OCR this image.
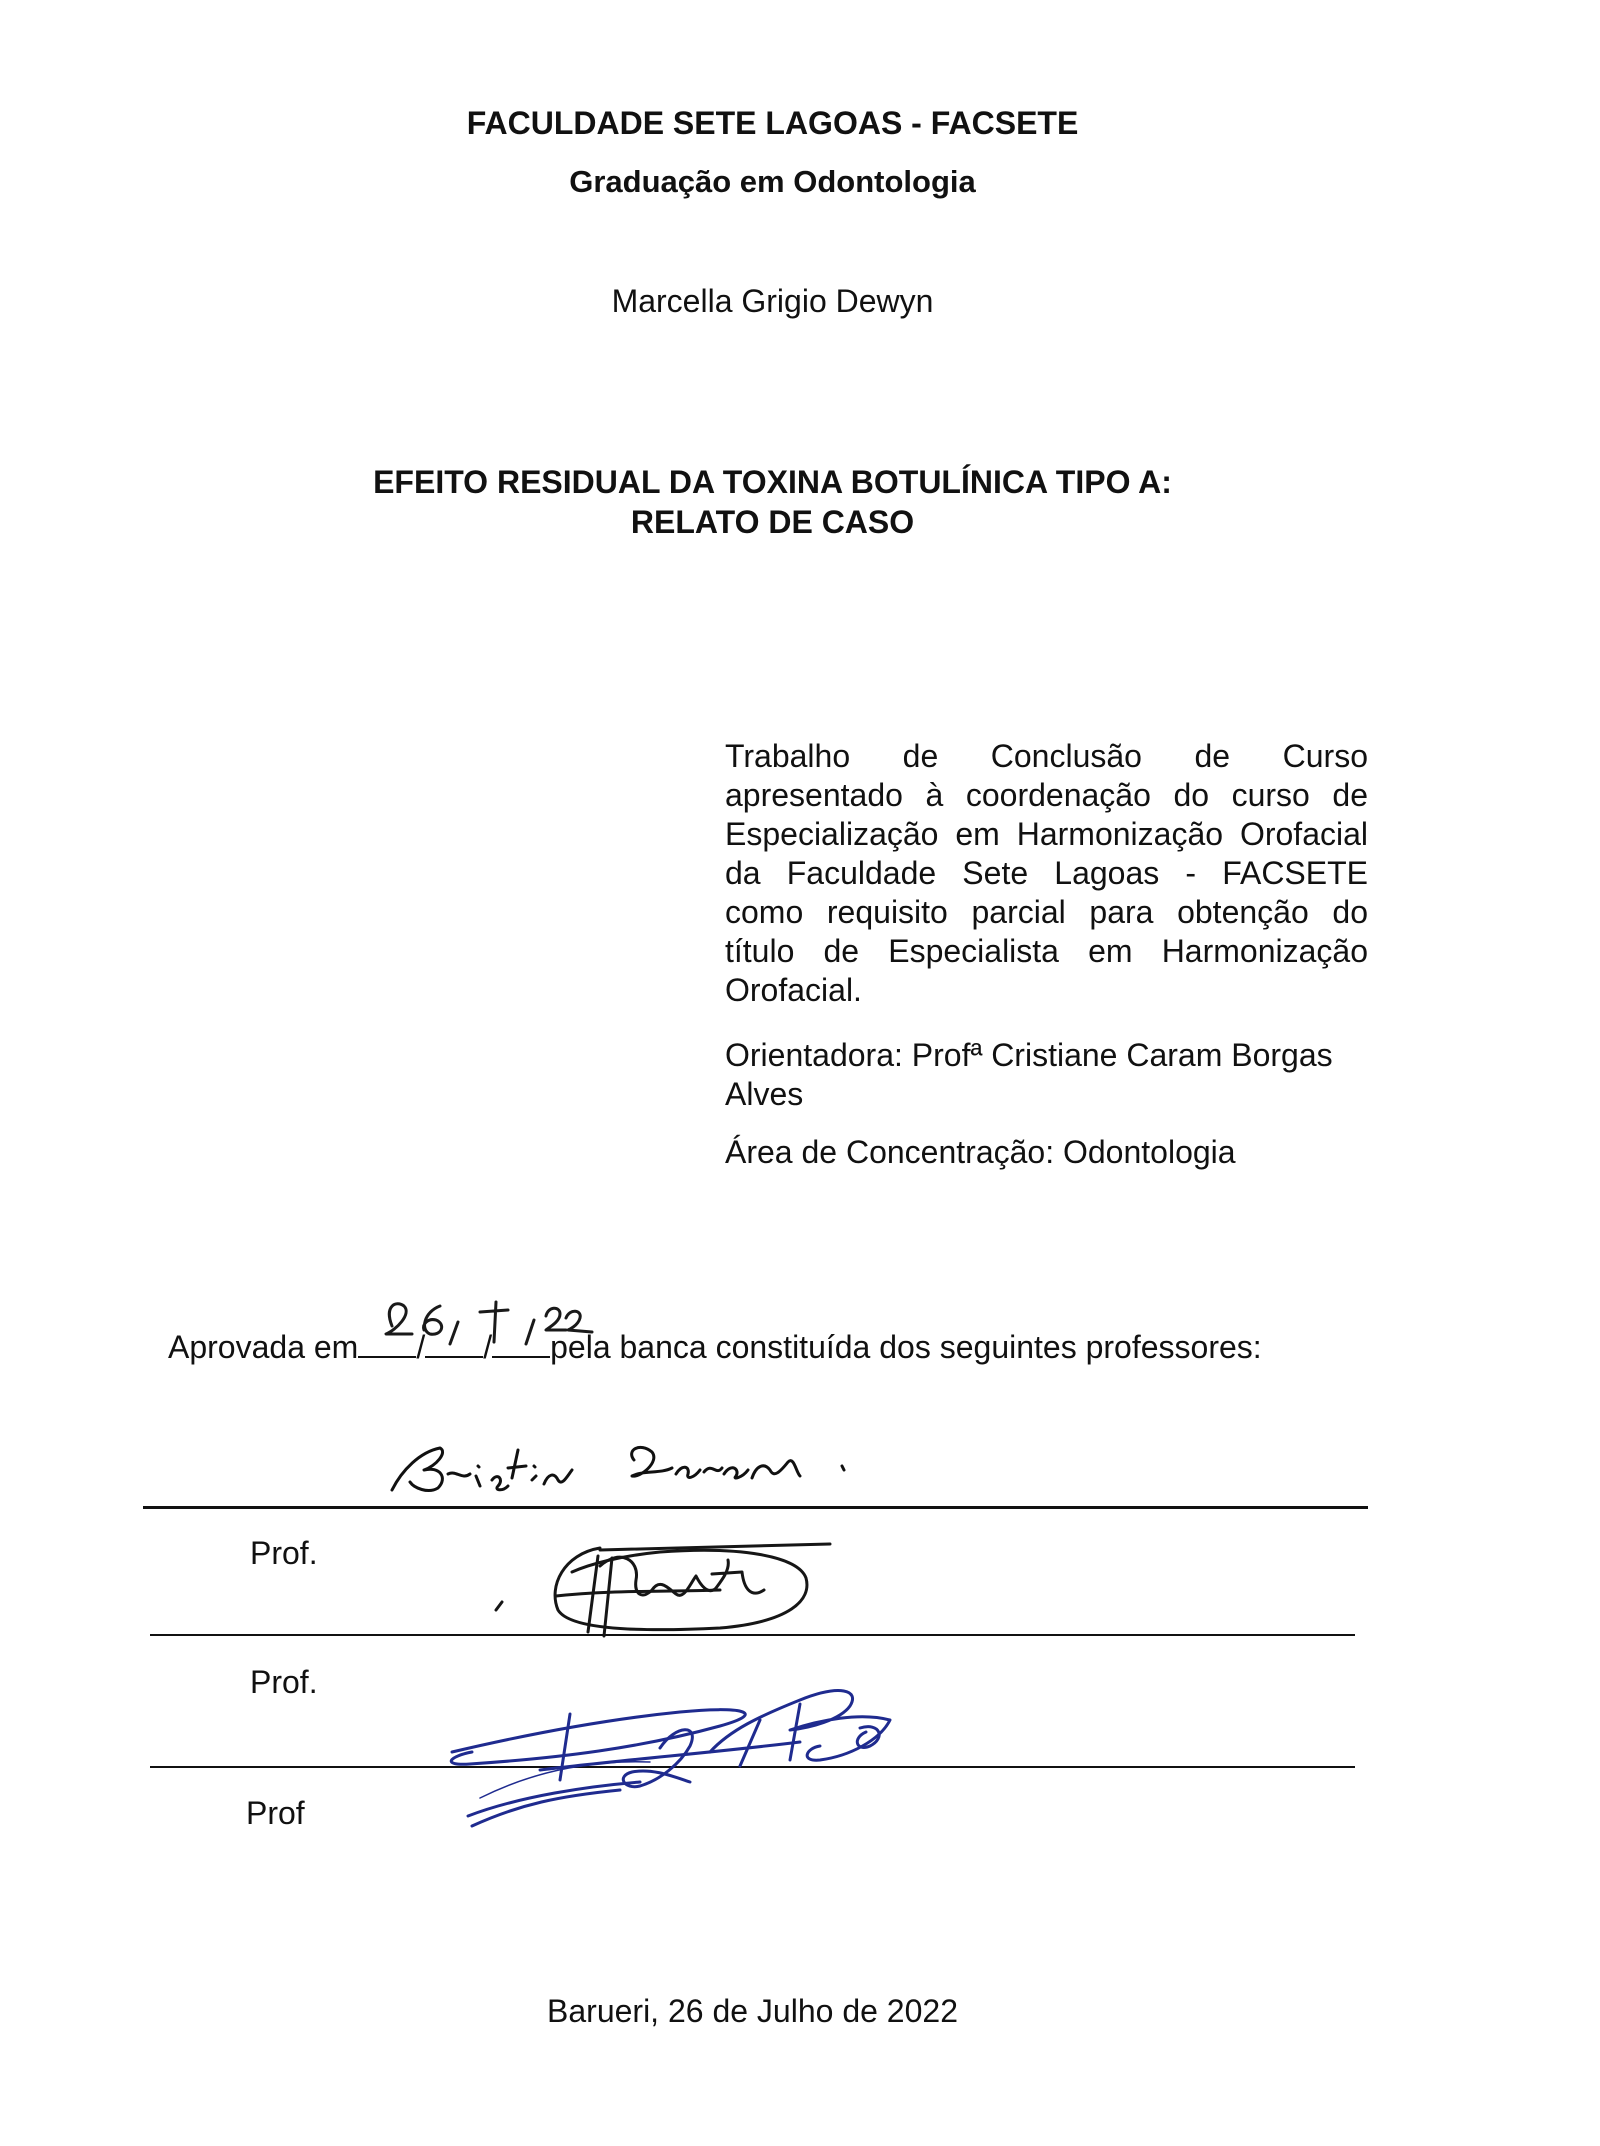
FACULDADE SETE LAGOAS - FACSETE
Graduação em Odontologia
Marcella Grigio Dewyn
EFEITO RESIDUAL DA TOXINA BOTULÍNICA TIPO A:
RELATO DE CASO
Trabalho de Conclusão de Curso apresentado à coordenação do curso de Especialização em Harmonização Orofacial da Faculdade Sete Lagoas - FACSETE como requisito parcial para obtenção do título de Especialista em Harmonização Orofacial.
Orientadora: Profª Cristiane Caram Borgas Alves
Área de Concentração: Odontologia
Aprovada em / / pela banca constituída dos seguintes professores:
Prof.
Prof.
Prof
Barueri, 26 de Julho de 2022
